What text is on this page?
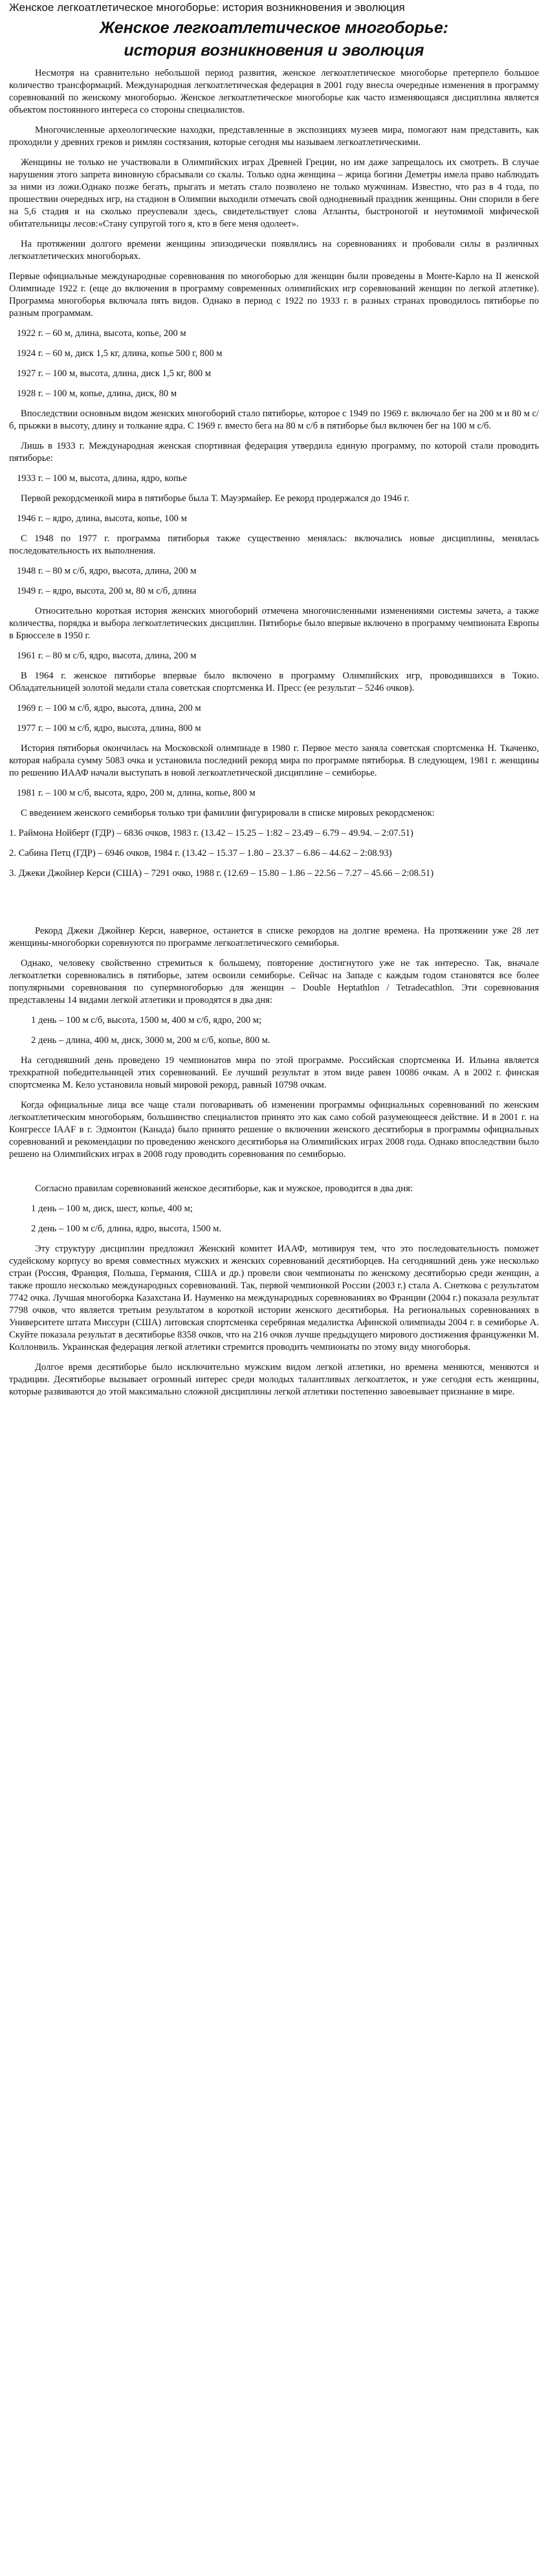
Женское легкоатлетическое многоборье: история возникновения и эволюция
Женское легкоатлетическое многоборье:
история возникновения и эволюция

Несмотря на сравнительно небольшой период развития, женское легкоатлетическое многоборье претерпело большое количество трансформаций. Международная легкоатлетическая федерация в 2001 году внесла очередные изменения в программу соревнований по женскому многоборью. Женское легкоатлетическое многоборье как часто изменяющаяся дисциплина является объектом постоянного интереса со стороны специалистов.

Многочисленные археологические находки, представленные в экспозициях музеев мира, помогают нам представить, как проходили у древних греков и римлян состязания, которые сегодня мы называем легкоатлетическими.

Женщины не только не участвовали в Олимпийских играх Древней Греции, но им даже запрещалось их смотреть. В случае нарушения этого запрета виновную сбрасывали со скалы. Только одна женщина – жрица богини Деметры имела право наблюдать за ними из ложи.Однако позже бегать, прыгать и метать стало позволено не только мужчинам. Известно, что раз в 4 года, по прошествии очередных игр, на стадион в Олимпии выходили отмечать свой однодневный праздник женщины. Они спорили в беге на 5,6 стадия и на сколько преуспевали здесь, свидетельствует слова Атланты, быстроногой и неутомимой мифической обитательницы лесов:«Стану супругой того я, кто в беге меня одолеет».

На протяжении долгого времени женщины эпизодически появлялись на соревнованиях и пробовали силы в различных легкоатлетических многоборьях.

Первые официальные международные соревнования по многоборью для женщин были проведены в Монте-Карло на II женской Олимпиаде 1922 г. (еще до включения в программу современных олимпийских игр соревнований женщин по легкой атлетике). Программа многоборья включала пять видов. Однако в период с 1922 по 1933 г. в разных странах проводилось пятиборье по разным программам.

1922 г. – 60 м, длина, высота, копье, 200 м

1924 г. – 60 м, диск 1,5 кг, длина, копье 500 г, 800 м

1927 г. – 100 м, высота, длина, диск 1,5 кг, 800 м

1928 г. – 100 м, копье, длина, диск, 80 м

Впоследствии основным видом женских многоборий стало пятиборье, которое с 1949 по 1969 г. включало бег на 200 м и 80 м с/б, прыжки в высоту, длину и толкание ядра. С 1969 г. вместо бега на 80 м с/б в пятиборье был включен бег на 100 м с/б.

Лишь в 1933 г. Международная женская спортивная федерация утвердила единую программу, по которой стали проводить пятиборье:

1933 г. – 100 м, высота, длина, ядро, копье

Первой рекордсменкой мира в пятиборье была Т. Мауэрмайер. Ее рекорд продержался до 1946 г.

1946 г. – ядро, длина, высота, копье, 100 м

С 1948 по 1977 г. программа пятиборья также существенно менялась: включались новые дисциплины, менялась последовательность их выполнения.

1948 г. – 80 м с/б, ядро, высота, длина, 200 м

1949 г. – ядро, высота, 200 м, 80 м с/б, длина

Относительно короткая история женских многоборий отмечена многочисленными изменениями системы зачета, а также количества, порядка и выбора легкоатлетических дисциплин. Пятиборье было впервые включено в программу чемпионата Европы в Брюсселе в 1950 г.

1961 г. – 80 м с/б, ядро, высота, длина, 200 м

В 1964 г. женское пятиборье впервые было включено в программу Олимпийских игр, проводившихся в Токио. Обладательницей золотой медали стала советская спортсменка И. Пресс (ее результат – 5246 очков).

1969 г. – 100 м с/б, ядро, высота, длина, 200 м

1977 г. – 100 м с/б, ядро, высота, длина, 800 м

История пятиборья окончилась на Московской олимпиаде в 1980 г. Первое место заняла советская спортсменка Н. Ткаченко, которая набрала сумму 5083 очка и установила последний рекорд мира по программе пятиборья. В следующем, 1981 г. женщины по решению ИААФ начали выступать в новой легкоатлетической дисциплине – семиборье.

1981 г. – 100 м с/б, высота, ядро, 200 м, длина, копье, 800 м

С введением женского семиборья только три фамилии фигурировали в списке мировых рекордсменок:

1. Раймона Нойберт (ГДР) – 6836 очков, 1983 г. (13.42 – 15.25 – 1:82 – 23.49 – 6.79 – 49.94. – 2:07.51)

2. Сабина Петц (ГДР) – 6946 очков, 1984 г. (13.42 – 15.37 – 1.80 – 23.37 – 6.86 – 44.62 – 2:08.93)

3. Джеки Джойнер Керси (США) – 7291 очко, 1988 г. (12.69 – 15.80 – 1.86 – 22.56 – 7.27 – 45.66 – 2:08.51)

Рекорд Джеки Джойнер Керси, наверное, останется в списке рекордов на долгие времена. На протяжении уже 28 лет женщины-многоборки соревнуются по программе легкоатлетического семиборья.

Однако, человеку свойственно стремиться к большему, повторение достигнутого уже не так интересно. Так, вначале легкоатлетки соревновались в пятиборье, затем освоили семиборье. Сейчас на Западе с каждым годом становятся все более популярными соревнования по супермногоборью для женщин – Double Heptathlon / Tetradecathlon. Эти соревнования представлены 14 видами легкой атлетики и проводятся в два дня:

1 день – 100 м с/б, высота, 1500 м, 400 м с/б, ядро, 200 м;

2 день – длина, 400 м, диск, 3000 м, 200 м с/б, копье, 800 м.

На сегодняшний день проведено 19 чемпионатов мира по этой программе. Российская спортсменка И. Ильина является трехкратной победительницей этих соревнований. Ее лучший результат в этом виде равен 10086 очкам. А в 2002 г. финская спортсменка М. Кело установила новый мировой рекорд, равный 10798 очкам.

Когда официальные лица все чаще стали поговаривать об изменении программы официальных соревнований по женским легкоатлетическим многоборьям, большинство специалистов принято это как само собой разумеющееся действие. И в 2001 г. на Конгрессе IAAF в г. Эдмонтон (Канада) было принято решение о включении женского десятиборья в программы официальных соревнований и рекомендации по проведению женского десятиборья на Олимпийских играх 2008 года. Однако впоследствии было решено на Олимпийских играх в 2008 году проводить соревнования по семиборью.

Согласно правилам соревнований женское десятиборье, как и мужское, проводится в два дня:

1 день – 100 м, диск, шест, копье, 400 м;

2 день – 100 м с/б, длина, ядро, высота, 1500 м.

Эту структуру дисциплин предложил Женский комитет ИААФ, мотивируя тем, что это последовательность поможет судейскому корпусу во время совместных мужских и женских соревнований десятиборцев. На сегодняшний день уже несколько стран (Россия, Франция, Польша, Германия, США и др.) провели свои чемпионаты по женскому десятиборью среди женщин, а также прошло несколько международных соревнований. Так, первой чемпионкой России (2003 г.) стала А. Снеткова с результатом 7742 очка. Лучшая многоборка Казахстана И. Науменко на международных соревнованиях во Франции (2004 г.) показала результат 7798 очков, что является третьим результатом в короткой истории женского десятиборья. На региональных соревнованиях в Университете штата Миссури (США) литовская спортсменка серебряная медалистка Афинской олимпиады 2004 г. в семиборье А. Скуйте показала результат в десятиборье 8358 очков, что на 216 очков лучше предыдущего мирового достижения француженки М. Коллонвиль. Украинская федерация легкой атлетики стремится проводить чемпионаты по этому виду многоборья.

Долгое время десятиборье было исключительно мужским видом легкой атлетики, но времена меняются, меняются и традиции. Десятиборье вызывает огромный интерес среди молодых талантливых легкоатлеток, и уже сегодня есть женщины, которые развиваются до этой максимально сложной дисциплины легкой атлетики постепенно завоевывает признание в мире.
